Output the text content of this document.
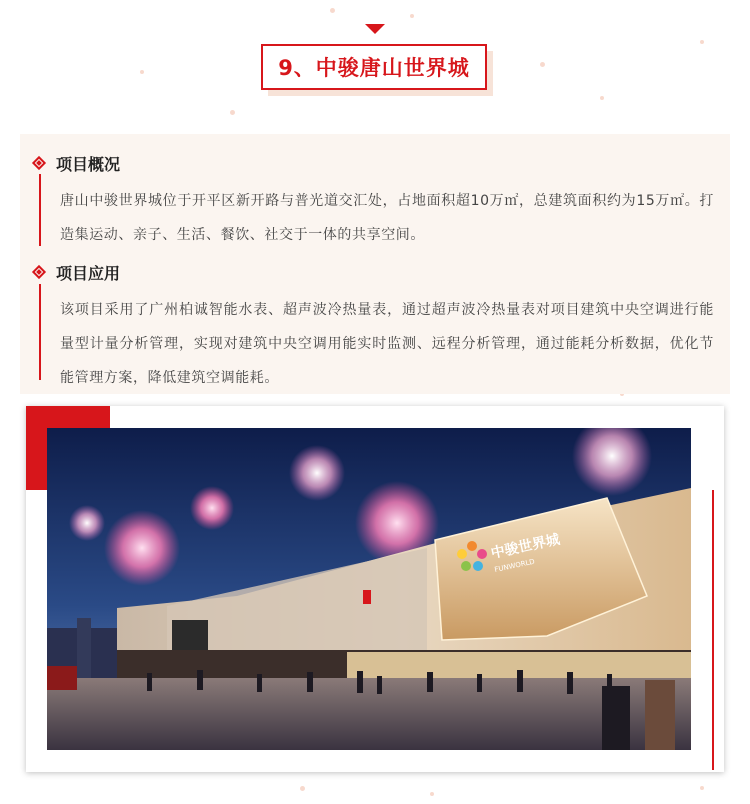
9、中骏唐山世界城
项目概况
唐山中骏世界城位于开平区新开路与普光道交汇处，占地面积超10万㎡，总建筑面积约为15万㎡。打造集运动、亲子、生活、餐饮、社交于一体的共享空间。
项目应用
该项目采用了广州柏诚智能水表、超声波冷热量表，通过超声波冷热量表对项目建筑中央空调进行能量型计量分析管理，实现对建筑中央空调用能实时监测、远程分析管理，通过能耗分析数据，优化节能管理方案，降低建筑空调能耗。
中骏世界城
FUNWORLD
